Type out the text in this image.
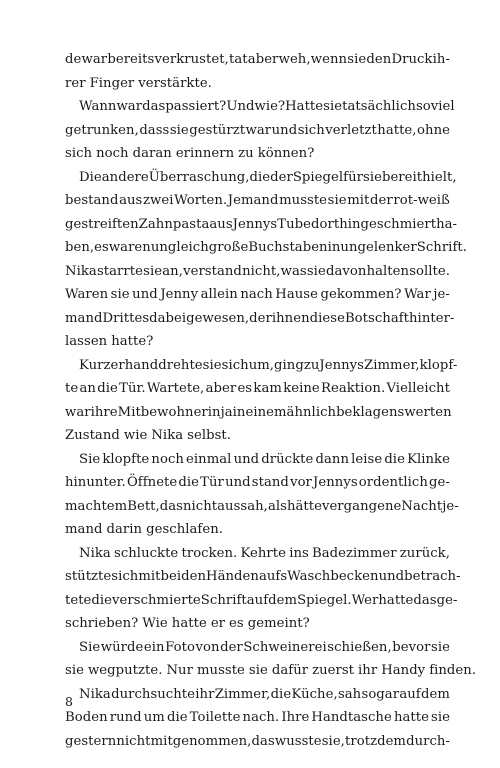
de war bereits verkrustet, tat aber weh, wenn sie den Druck ih-
rer Finger verstärkte.
Wann war das passiert? Und wie? Hatte sie tatsächlich so viel
getrunken, dass sie gestürzt war und sich verletzt hatte, ohne
sich noch daran erinnern zu können?
Die andere Überraschung, die der Spiegel für sie bereithielt,
bestand aus zwei Worten. Jemand musste sie mit der rot-weiß
gestreiften Zahnpasta aus Jennys Tube dort hingeschmiert ha-
ben, es waren ungleich große Buchstaben in ungelenker Schrift.
Nika starrte sie an, verstand nicht, was sie davon halten sollte.
Waren sie und Jenny allein nach Hause gekommen? War je-
mand Drittes dabei gewesen, der ihnen diese Botschaft hinter-
lassen hatte?
Kurzerhand drehte sie sich um, ging zu Jennys Zimmer, klopf-
te an die Tür. Wartete, aber es kam keine Reaktion. Vielleicht
war ihre Mitbewohnerin ja in einem ähnlich beklagenswerten
Zustand wie Nika selbst.
Sie klopfte noch einmal und drückte dann leise die Klinke
hinunter. Öffnete die Tür und stand vor Jennys ordentlich ge-
machtem Bett, das nicht aussah, als hätte vergangene Nacht je-
mand darin geschlafen.
Nika schluckte trocken. Kehrte ins Badezimmer zurück,
stützte sich mit beiden Händen aufs Waschbecken und betrach-
tete die verschmierte Schrift auf dem Spiegel. Wer hatte das ge-
schrieben? Wie hatte er es gemeint?
Sie würde ein Foto von der Schweinerei schießen, bevor sie
sie wegputzte. Nur musste sie dafür zuerst ihr Handy finden.
Nika durchsuchte ihr Zimmer, die Küche, sah sogar auf dem
Boden rund um die Toilette nach. Ihre Handtasche hatte sie
gestern nicht mitgenommen, das wusste sie, trotzdem durch-
8
